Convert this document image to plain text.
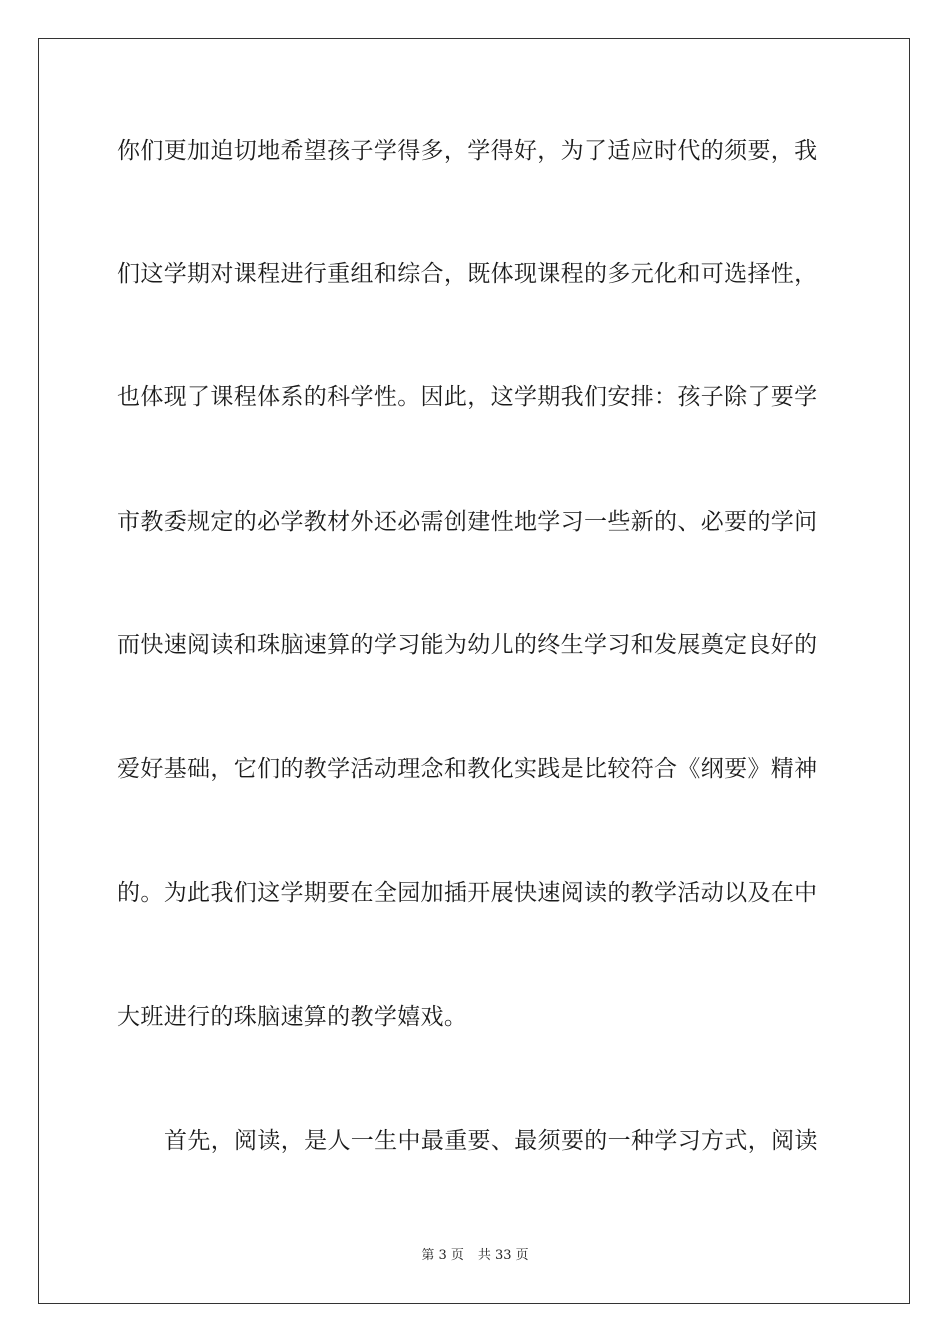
你们更加迫切地希望孩子学得多，学得好，为了适应时代的须要，我

们这学期对课程进行重组和综合，既体现课程的多元化和可选择性，

也体现了课程体系的科学性。因此，这学期我们安排：孩子除了要学

市教委规定的必学教材外还必需创建性地学习一些新的、必要的学问

而快速阅读和珠脑速算的学习能为幼儿的终生学习和发展奠定良好的

爱好基础，它们的教学活动理念和教化实践是比较符合《纲要》精神

的。为此我们这学期要在全园加插开展快速阅读的教学活动以及在中

大班进行的珠脑速算的教学嬉戏。

首先，阅读，是人一生中最重要、最须要的一种学习方式，阅读

第 3 页 共 33 页
